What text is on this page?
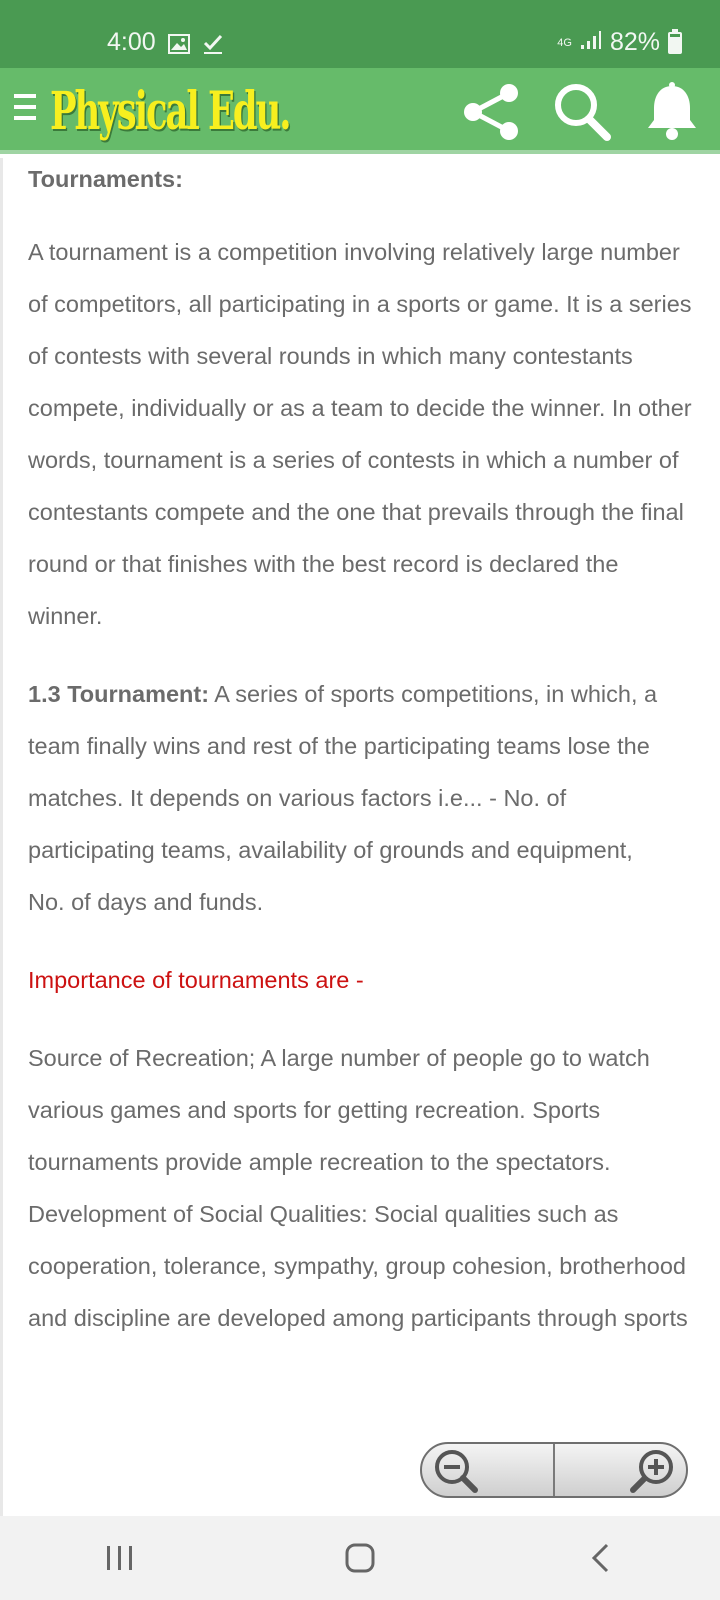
4:00	4G 82%
Physical Edu.
Tournaments:

A tournament is a competition involving relatively large number of competitors, all participating in a sports or game. It is a series of contests with several rounds in which many contestants compete, individually or as a team to decide the winner. In other words, tournament is a series of contests in which a number of contestants compete and the one that prevails through the final round or that finishes with the best record is declared the winner.

1.3 Tournament: A series of sports competitions, in which, a team finally wins and rest of the participating teams lose the matches. It depends on various factors i.e... - No. of participating teams, availability of grounds and equipment,
No. of days and funds.

Importance of tournaments are -

Source of Recreation; A large number of people go to watch various games and sports for getting recreation. Sports tournaments provide ample recreation to the spectators. Development of Social Qualities: Social qualities such as cooperation, tolerance, sympathy, group cohesion, brotherhood and discipline are developed among participants through sports
